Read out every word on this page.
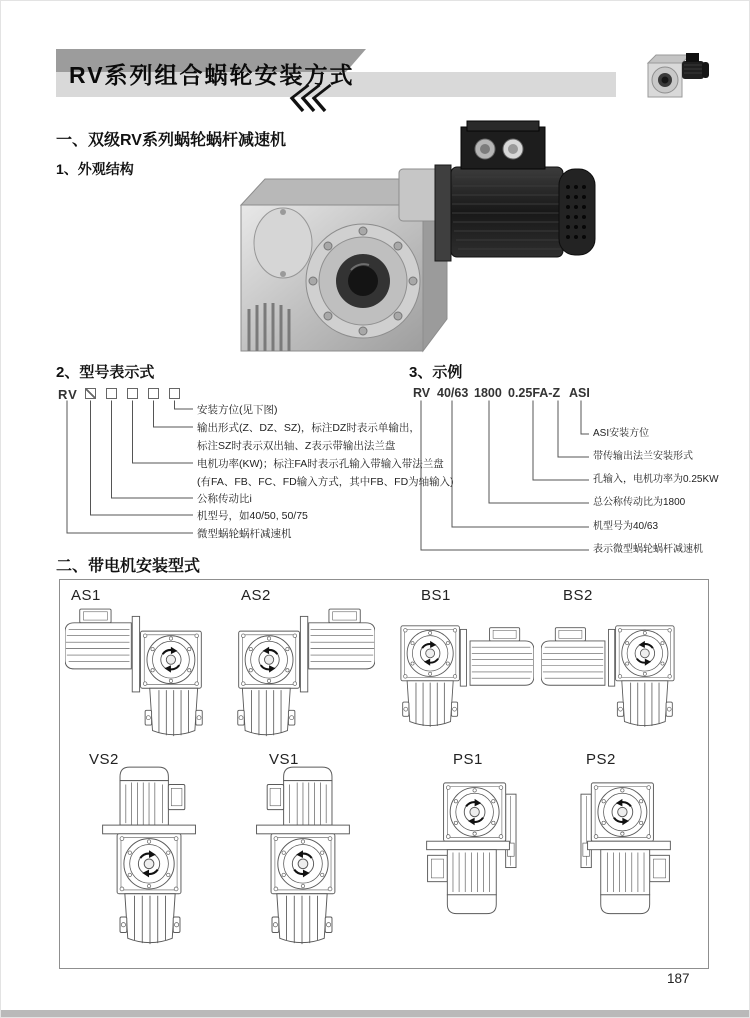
RV系列组合蜗轮安装方式
一、双级RV系列蜗轮蜗杆减速机
1、外观结构
2、型号表示式
RV
安装方位(见下图)
输出形式(Z、DZ、SZ)，标注DZ时表示单输出，
标注SZ时表示双出轴、Z表示带输出法兰盘
电机功率(KW)；标注FA时表示孔输入带输入带法兰盘
(有FA、FB、FC、FD输入方式，其中FB、FD为轴输入)
公称传动比i
机型号，如40/50, 50/75
微型蜗轮蜗杆减速机
3、示例
RV 40/63 1800 0.25FA-Z ASI
ASI安装方位
带传输出法兰安装形式
孔输入，电机功率为0.25KW
总公称传动比为1800
机型号为40/63
表示微型蜗轮蜗杆减速机
二、带电机安装型式
AS1	AS2	BS1	BS2
VS2	VS1	PS1	PS2
187
